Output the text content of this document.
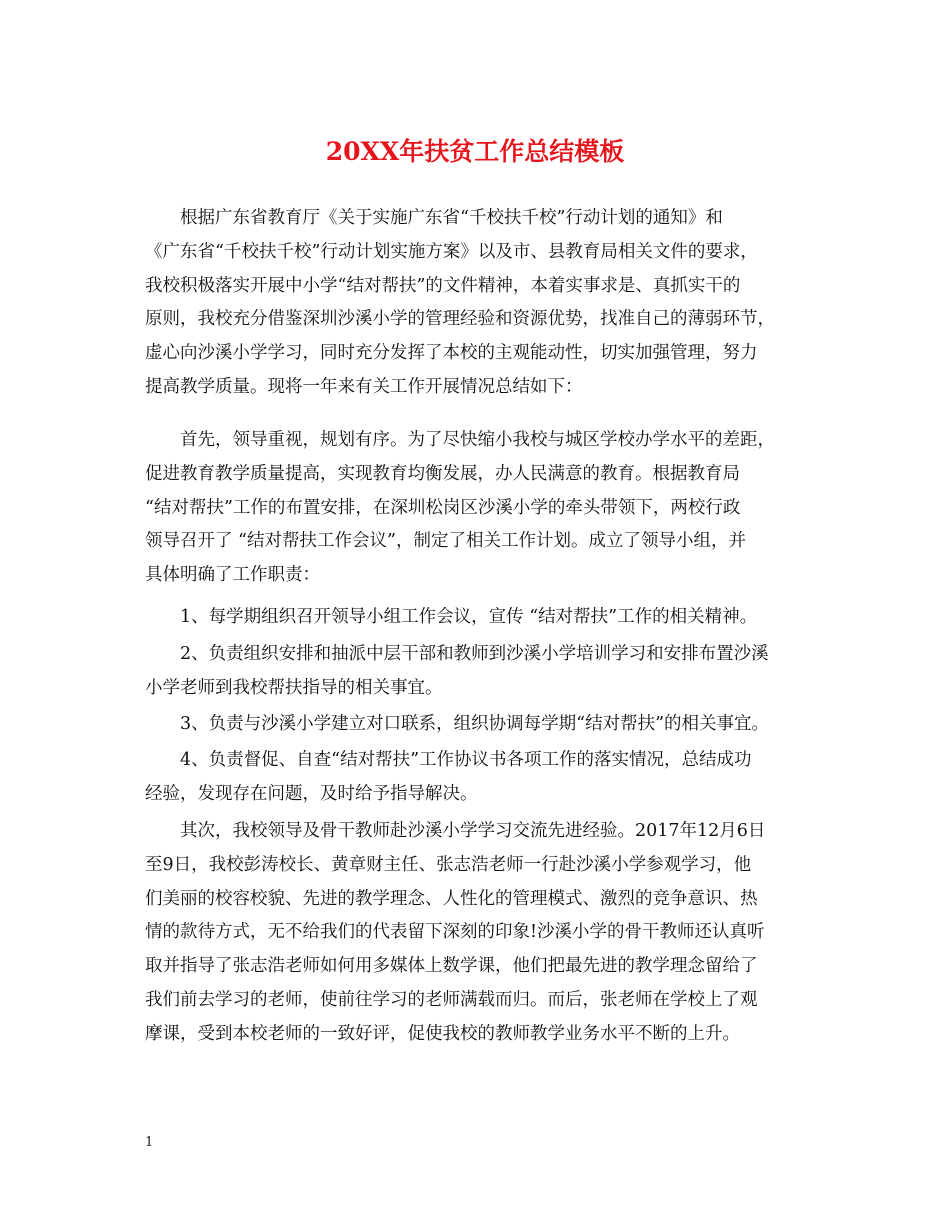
20XX年扶贫工作总结模板
根据广东省教育厅《关于实施广东省“千校扶千校”行动计划的通知》和
《广东省“千校扶千校”行动计划实施方案》以及市、县教育局相关文件的要求，
我校积极落实开展中小学“结对帮扶”的文件精神，本着实事求是、真抓实干的
原则，我校充分借鉴深圳沙溪小学的管理经验和资源优势，找准自己的薄弱环节，
虚心向沙溪小学学习，同时充分发挥了本校的主观能动性，切实加强管理，努力
提高教学质量。现将一年来有关工作开展情况总结如下：
首先，领导重视，规划有序。为了尽快缩小我校与城区学校办学水平的差距，
促进教育教学质量提高，实现教育均衡发展，办人民满意的教育。根据教育局
“结对帮扶”工作的布置安排，在深圳松岗区沙溪小学的牵头带领下，两校行政
领导召开了 “结对帮扶工作会议”，制定了相关工作计划。成立了领导小组，并
具体明确了工作职责：
1、每学期组织召开领导小组工作会议，宣传 “结对帮扶”工作的相关精神。
2、负责组织安排和抽派中层干部和教师到沙溪小学培训学习和安排布置沙溪
小学老师到我校帮扶指导的相关事宜。
3、负责与沙溪小学建立对口联系，组织协调每学期“结对帮扶”的相关事宜。
4、负责督促、自查“结对帮扶”工作协议书各项工作的落实情况，总结成功
经验，发现存在问题，及时给予指导解决。
其次，我校领导及骨干教师赴沙溪小学学习交流先进经验。2017年12月6日
至9日，我校彭涛校长、黄章财主任、张志浩老师一行赴沙溪小学参观学习，他
们美丽的校容校貌、先进的教学理念、人性化的管理模式、激烈的竞争意识、热
情的款待方式，无不给我们的代表留下深刻的印象!沙溪小学的骨干教师还认真听
取并指导了张志浩老师如何用多媒体上数学课，他们把最先进的教学理念留给了
我们前去学习的老师，使前往学习的老师满载而归。而后，张老师在学校上了观
摩课，受到本校老师的一致好评，促使我校的教师教学业务水平不断的上升。
1
